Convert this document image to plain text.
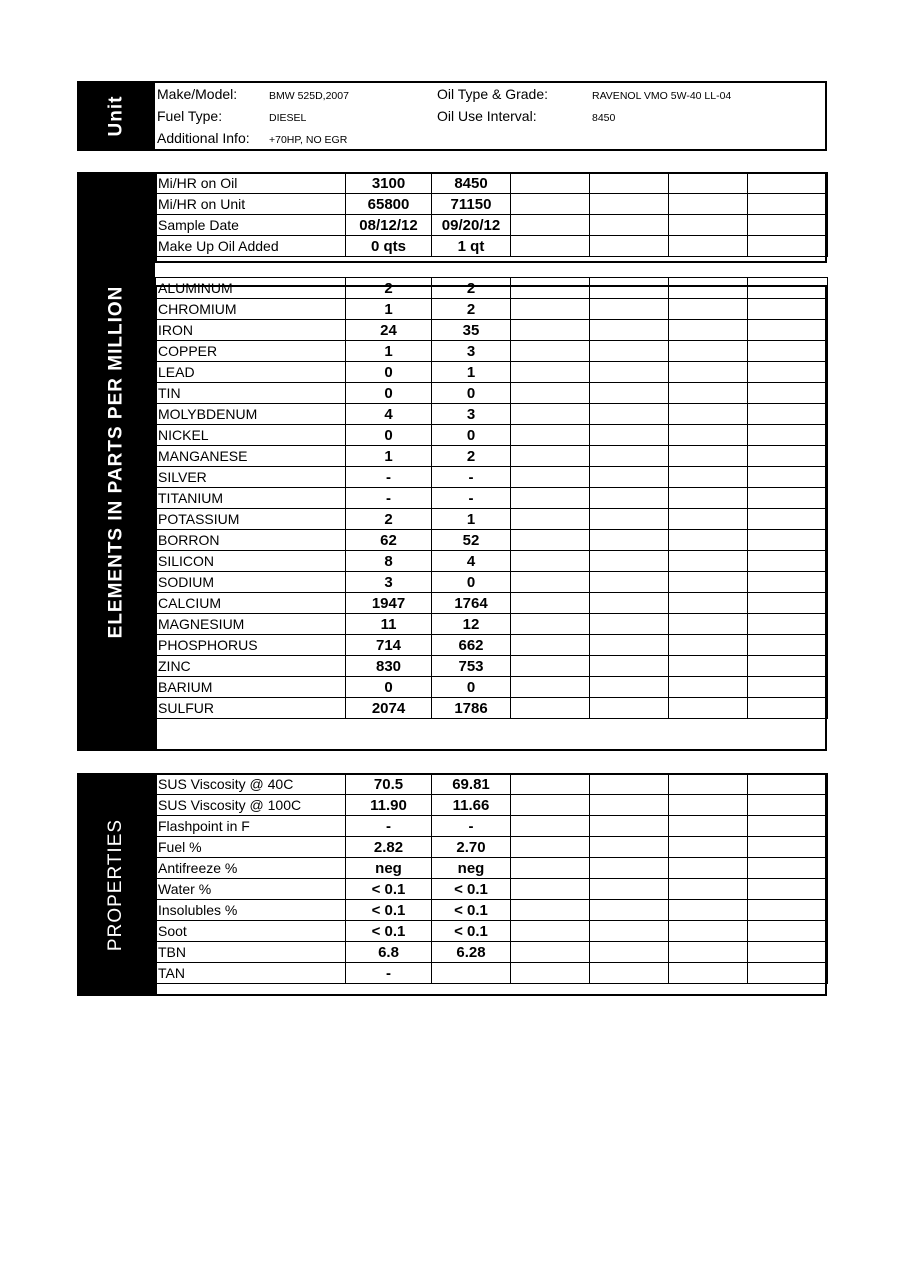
Unit
Make/Model:	BMW 525D,2007
Fuel Type:	DIESEL
Additional Info: +70HP, NO EGR
Oil Type & Grade:	RAVENOL VMO 5W-40 LL-04
Oil Use Interval:	8450
ELEMENTS IN PARTS PER MILLION
Mi/HR on Oil	3100	8450				
Mi/HR on Unit	65800	71150				
Sample Date	08/12/12	09/20/12				
Make Up Oil Added	0 qts	1 qt				

ALUMINUM	2	2				
CHROMIUM	1	2				
IRON	24	35				
COPPER	1	3				
LEAD	0	1				
TIN	0	0				
MOLYBDENUM	4	3				
NICKEL	0	0				
MANGANESE	1	2				
SILVER	-	-				
TITANIUM	-	-				
POTASSIUM	2	1				
BORRON	62	52				
SILICON	8	4				
SODIUM	3	0				
CALCIUM	1947	1764				
MAGNESIUM	11	12				
PHOSPHORUS	714	662				
ZINC	830	753				
BARIUM	0	0				
SULFUR	2074	1786				
PROPERTIES
SUS Viscosity @ 40C	70.5	69.81				
SUS Viscosity @ 100C	11.90	11.66				
Flashpoint in F	-	-				
Fuel %	2.82	2.70				
Antifreeze %	neg	neg				
Water %	< 0.1	< 0.1				
Insolubles %	< 0.1	< 0.1				
Soot	< 0.1	< 0.1				
TBN	6.8	6.28				
TAN	-					
